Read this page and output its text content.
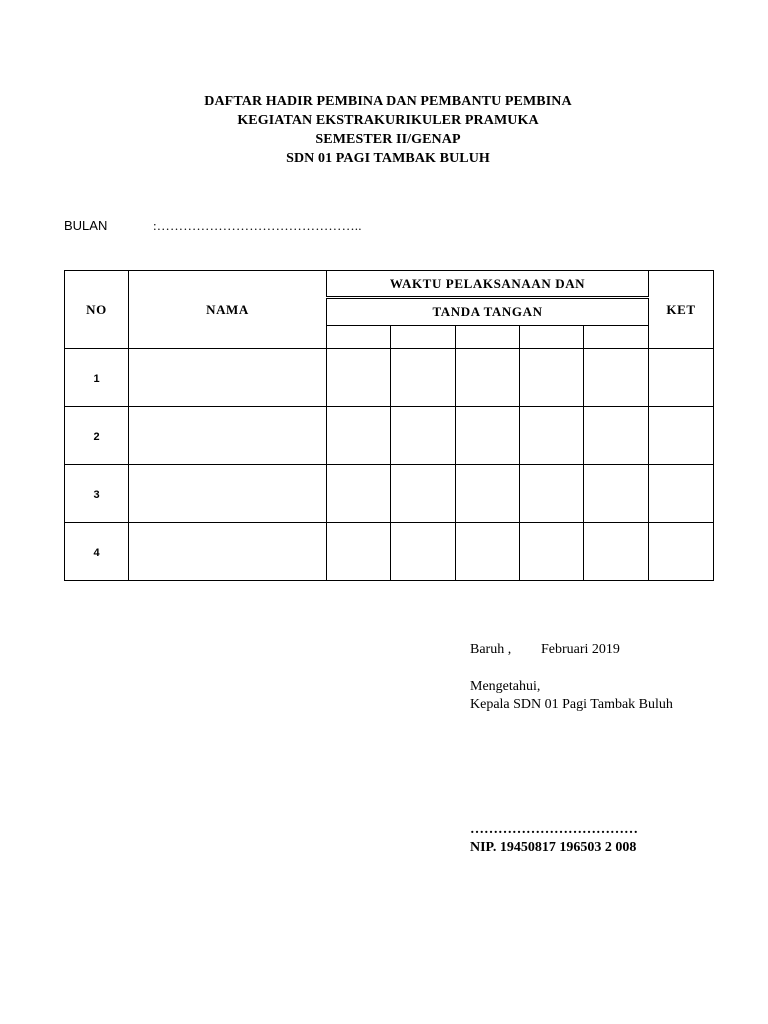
DAFTAR HADIR PEMBINA DAN PEMBANTU PEMBINA
KEGIATAN EKSTRAKURIKULER PRAMUKA
SEMESTER II/GENAP
SDN 01 PAGI TAMBAK BULUH
BULAN	:………………………………………..
NO	NAMA	WAKTU PELAKSANAAN DAN					KET
		TANDA TANGAN					

1							
2							
3							
4							
Baruh , Februari 2019
Mengetahui,
Kepala SDN 01 Pagi Tambak Buluh
………………………………
NIP. 19450817 196503 2 008
